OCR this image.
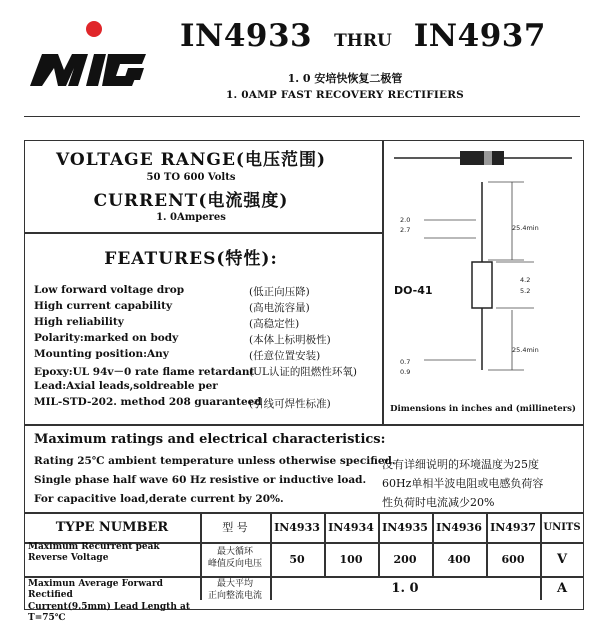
IN4933 THRU IN4937
1. 0 安培快恢复二极管
1. 0AMP FAST RECOVERY RECTIFIERS
VOLTAGE RANGE(电压范围)
50 TO 600 Volts
CURRENT(电流强度)
1. 0Amperes
FEATURES(特性):
Low forward voltage drop	(低正向压降)
High current capability	(高电流容量)
High reliability	(高稳定性)
Polarity:marked on body	(本体上标明极性)
Mounting position:Any	(任意位置安装)
Epoxy:UL 94v－0 rate flame retardant
(UL认证的阻燃性环氧)
Lead:Axial leads,soldreable per
MIL-STD-202. method 208 guaranteed
(引线可焊性标准)
2.0
2.7	25.4min
4.2
5.2
25.4min
DO-41
0.7
0.9
Dimensions in inches and (millineters)
Maximum ratings and electrical characteristics:
Rating 25℃ ambient temperature unless otherwise specified.
Single phase half wave 60 Hz resistive or inductive load.
For capacitive load,derate current by 20%.
没有详细说明的环境温度为25度
60Hz单相半波电阻或电感负荷容
性负荷时电流减少20%
TYPE NUMBER	型 号	IN4933 IN4934 IN4935 IN4936 IN4937 UNITS
Maximum Recurrent peak
Reverse Voltage
最大循环
峰值反向电压	50	100	200	400	600	V
Maximun Average Forward Rectified
Current(9.5mm) Lead Length at T=75℃
最大平均
正向整流电流
1. 0	A
